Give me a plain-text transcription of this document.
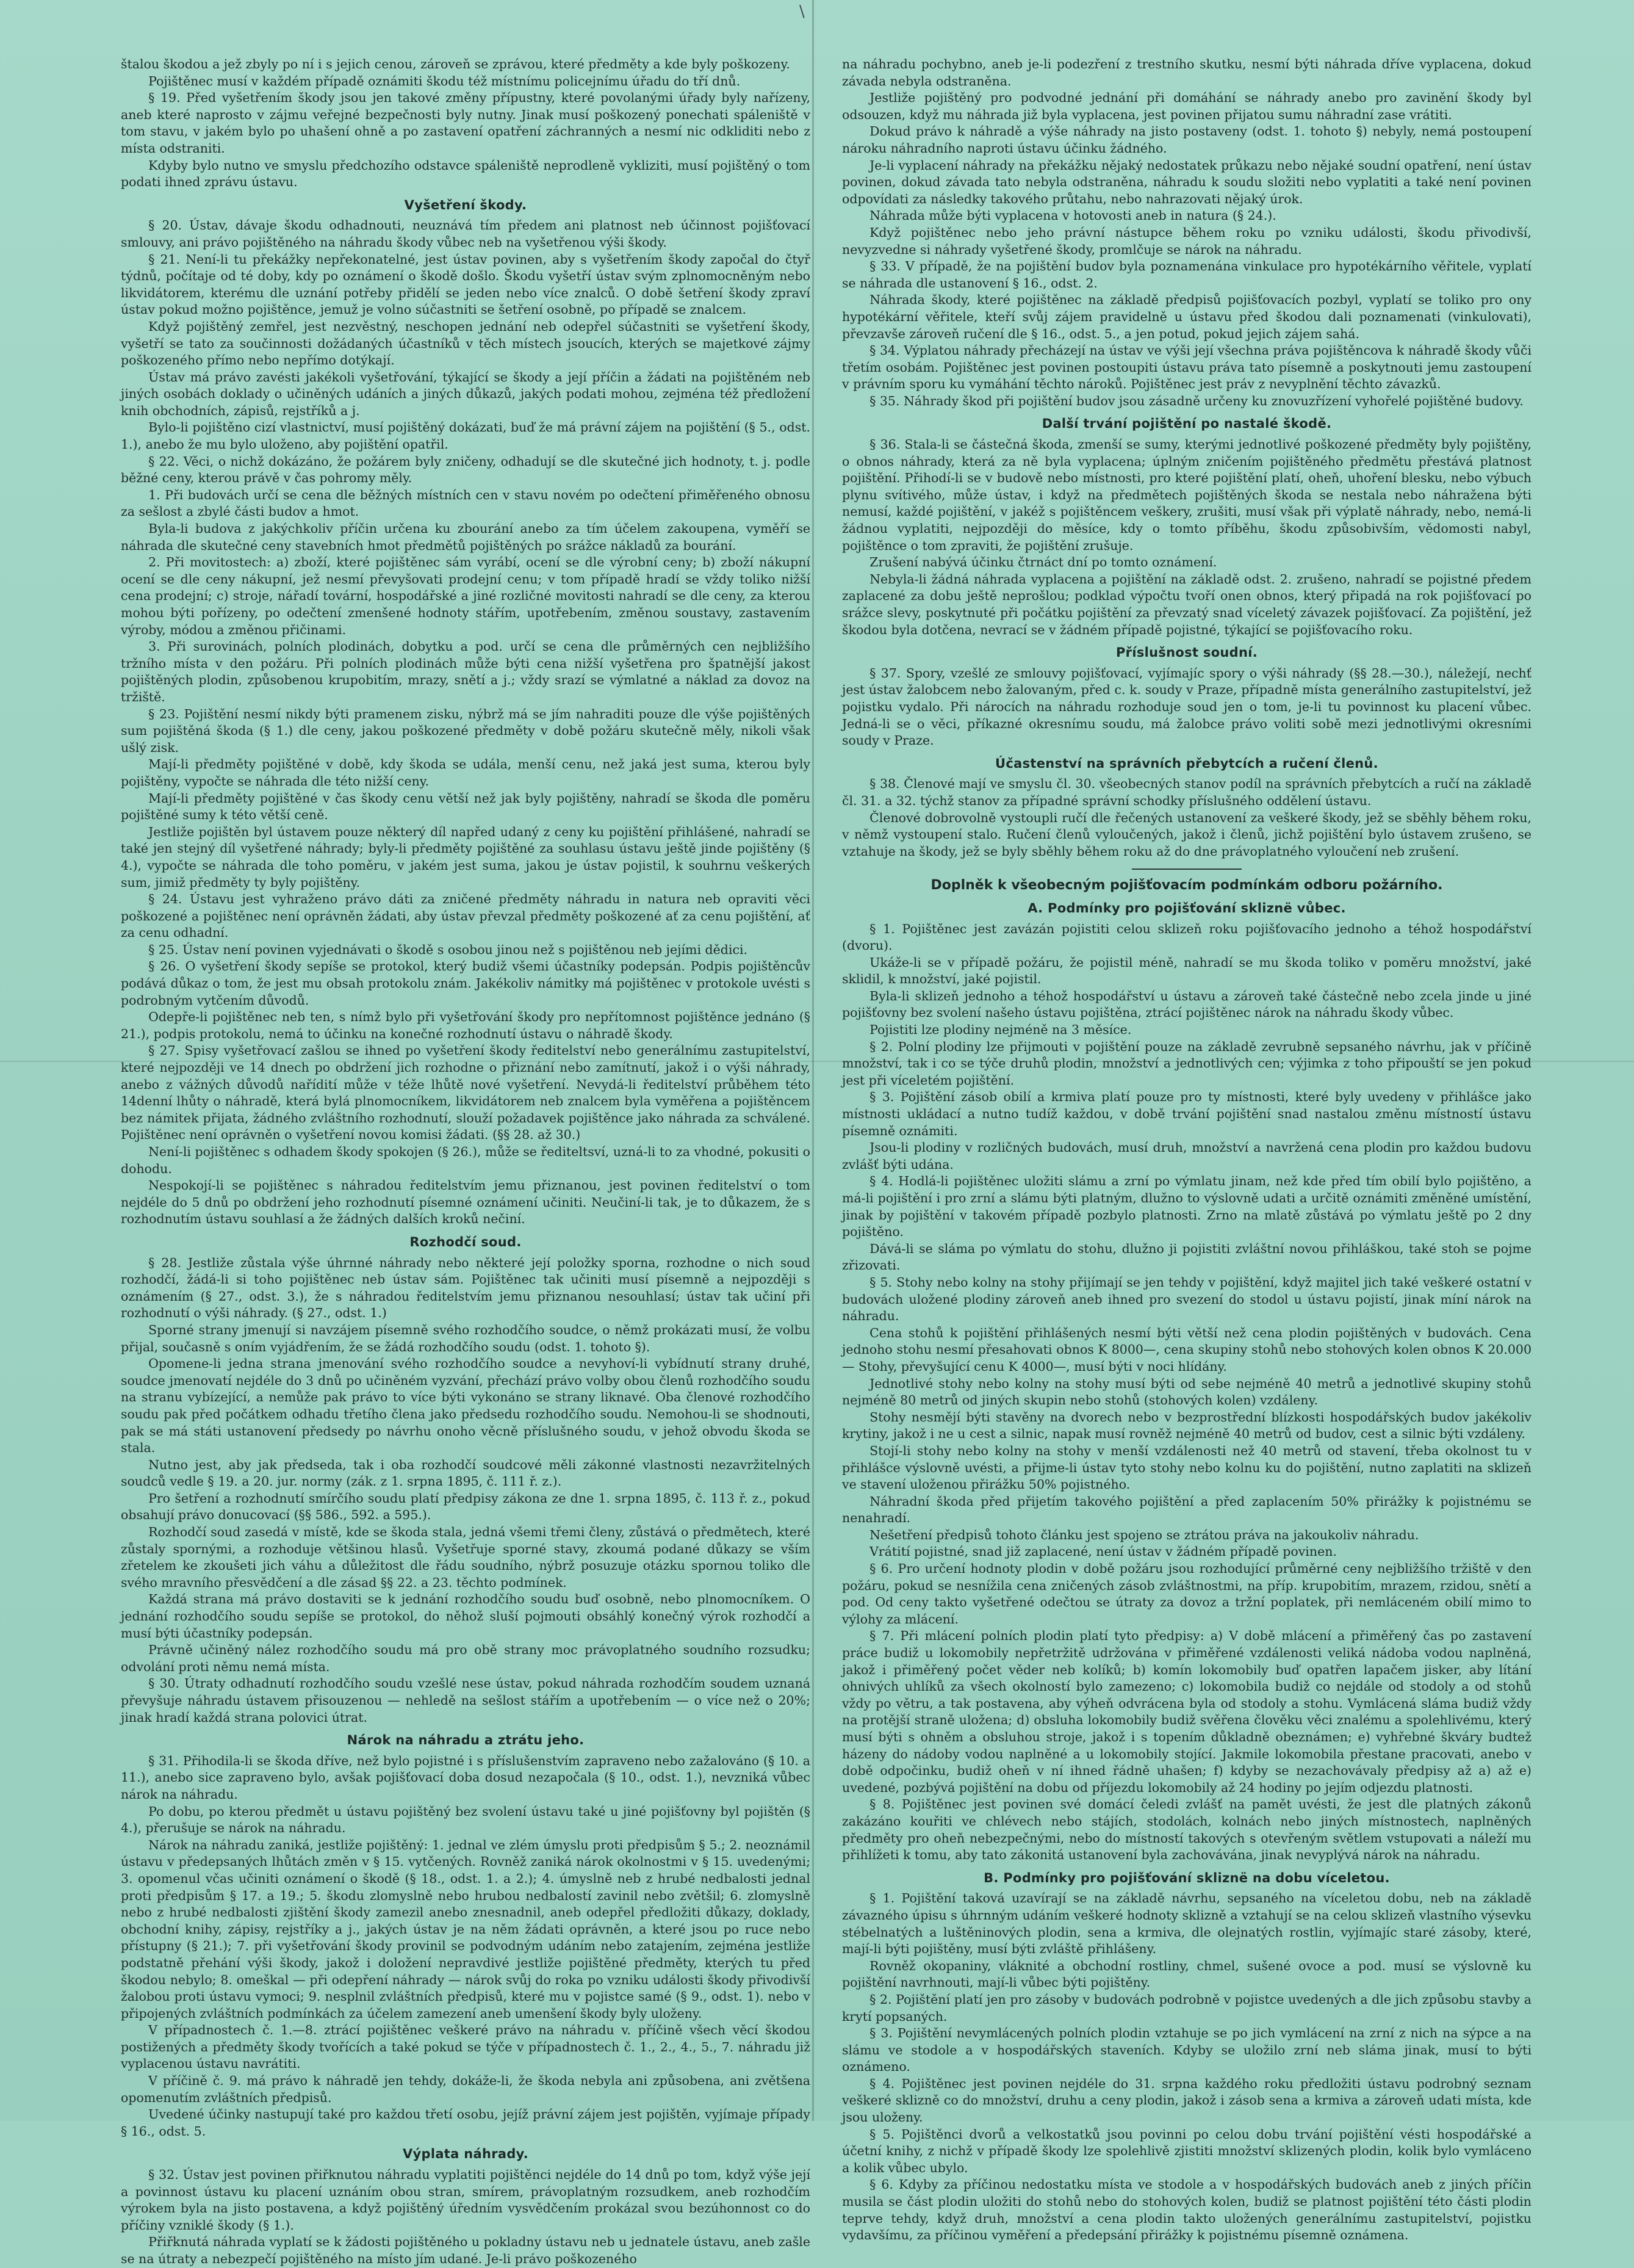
\

štalou škodou a jež zbyly po ní i s jejich cenou, zároveň se zprávou, které předměty a kde byly poškozeny.

Pojištěnec musí v každém případě oznámiti škodu též místnímu policejnímu úřadu do tří dnů.

§ 19. Před vyšetřením škody jsou jen takové změny přípustny, které povolanými úřady byly nařízeny, aneb které naprosto v zájmu veřejné bezpečnosti byly nutny. Jinak musí poškozený ponechati spáleniště v tom stavu, v jakém bylo po uhašení ohně a po zastavení opatření záchranných a nesmí nic odkliditi nebo z místa odstraniti.

Kdyby bylo nutno ve smyslu předchozího odstavce spáleniště neprodleně vykliziti, musí pojištěný o tom podati ihned zprávu ústavu.

Vyšetření škody.

§ 20. Ústav, dávaje škodu odhadnouti, neuznává tím předem ani platnost neb účinnost pojišťovací smlouvy, ani právo pojištěného na náhradu škody vůbec neb na vyšetřenou výši škody.

§ 21. Není-li tu překážky nepřekonatelné, jest ústav povinen, aby s vyšetřením škody započal do čtyř týdnů, počítaje od té doby, kdy po oznámení o škodě došlo. Škodu vyšetří ústav svým zplnomocněným nebo likvidátorem, kterému dle uznání potřeby přidělí se jeden nebo více znalců. O době šetření škody zpraví ústav pokud možno pojištěnce, jemuž je volno súčastniti se šetření osobně, po případě se znalcem.

Když pojištěný zemřel, jest nezvěstný, neschopen jednání neb odepřel súčastniti se vyšetření škody, vyšetří se tato za součinnosti dožádaných účastníků v těch místech jsoucích, kterých se majetkové zájmy poškozeného přímo nebo nepřímo dotýkají.

Ústav má právo zavésti jakékoli vyšetřování, týkající se škody a její příčin a žádati na pojištěném neb jiných osobách doklady o učiněných udáních a jiných důkazů, jakých podati mohou, zejména též předložení knih obchodních, zápisů, rejstříků a j.

Bylo-li pojištěno cizí vlastnictví, musí pojištěný dokázati, buď že má právní zájem na pojištění (§ 5., odst. 1.), anebo že mu bylo uloženo, aby pojištění opatřil.

§ 22. Věci, o nichž dokázáno, že požárem byly zničeny, odhadují se dle skutečné jich hodnoty, t. j. podle běžné ceny, kterou právě v čas pohromy měly.

1. Při budovách určí se cena dle běžných místních cen v stavu novém po odečtení přiměřeného obnosu za sešlost a zbylé části budov a hmot.

Byla-li budova z jakýchkoliv příčin určena ku zbourání anebo za tím účelem zakoupena, vyměří se náhrada dle skutečné ceny stavebních hmot předmětů pojištěných po srážce nákladů za bourání.

2. Při movitostech: a) zboží, které pojištěnec sám vyrábí, ocení se dle výrobní ceny; b) zboží nákupní ocení se dle ceny nákupní, jež nesmí převyšovati prodejní cenu; v tom případě hradí se vždy toliko nižší cena prodejní; c) stroje, nářadí tovární, hospodářské a jiné rozličné movitosti nahradí se dle ceny, za kterou mohou býti pořízeny, po odečtení zmenšené hodnoty stářím, upotřebením, změnou soustavy, zastavením výroby, módou a změnou přičinami.

3. Při surovinách, polních plodinách, dobytku a pod. určí se cena dle průměrných cen nejbližšího tržního místa v den požáru. Při polních plodinách může býti cena nižší vyšetřena pro špatnější jakost pojištěných plodin, způsobenou krupobitím, mrazy, snětí a j.; vždy srazí se výmlatné a náklad za dovoz na tržiště.

§ 23. Pojištění nesmí nikdy býti pramenem zisku, nýbrž má se jím nahraditi pouze dle výše pojištěných sum pojištěná škoda (§ 1.) dle ceny, jakou poškozené předměty v době požáru skutečně měly, nikoli však ušlý zisk.

Mají-li předměty pojištěné v době, kdy škoda se udála, menší cenu, než jaká jest suma, kterou byly pojištěny, vypočte se náhrada dle této nižší ceny.

Mají-li předměty pojištěné v čas škody cenu větší než jak byly pojištěny, nahradí se škoda dle poměru pojištěné sumy k této větší ceně.

Jestliže pojištěn byl ústavem pouze některý díl napřed udaný z ceny ku pojištění přihlášené, nahradí se také jen stejný díl vyšetřené náhrady; byly-li předměty pojištěné za souhlasu ústavu ještě jinde pojištěny (§ 4.), vypočte se náhrada dle toho poměru, v jakém jest suma, jakou je ústav pojistil, k souhrnu veškerých sum, jimiž předměty ty byly pojištěny.

§ 24. Ústavu jest vyhraženo právo dáti za zničené předměty náhradu in natura neb opraviti věci poškozené a pojištěnec není oprávněn žádati, aby ústav převzal předměty poškozené ať za cenu pojištění, ať za cenu odhadní.

§ 25. Ústav není povinen vyjednávati o škodě s osobou jinou než s pojištěnou neb jejími dědici.

§ 26. O vyšetření škody sepíše se protokol, který budiž všemi účastníky podepsán. Podpis pojištěncův podává důkaz o tom, že jest mu obsah protokolu znám. Jakékoliv námitky má pojištěnec v protokole uvésti s podrobným vytčením důvodů.

Odepře-li pojištěnec neb ten, s nímž bylo při vyšetřování škody pro nepřítomnost pojištěnce jednáno (§ 21.), podpis protokolu, nemá to účinku na konečné rozhodnutí ústavu o náhradě škody.

§ 27. Spisy vyšetřovací zašlou se ihned po vyšetření škody ředitelství nebo generálnímu zastupitelství, které nejpozději ve 14 dnech po obdržení jich rozhodne o přiznání nebo zamítnutí, jakož i o výši náhrady, anebo z vážných důvodů nařídití může v téže lhůtě nové vyšetření. Nevydá-li ředitelství průběhem této 14denní lhůty o náhradě, která bylá plnomocníkem, likvidátorem neb znalcem byla vyměřena a pojištěncem bez námitek přijata, žádného zvláštního rozhodnutí, slouží požadavek pojištěnce jako náhrada za schválené. Pojištěnec není oprávněn o vyšetření novou komisi žádati. (§§ 28. až 30.)

Není-li pojištěnec s odhadem škody spokojen (§ 26.), může se řediteltsví, uzná-li to za vhodné, pokusiti o dohodu.

Nespokojí-li se pojištěnec s náhradou ředitelstvím jemu přiznanou, jest povinen ředitelství o tom nejdéle do 5 dnů po obdržení jeho rozhodnutí písemné oznámení učiniti. Neučiní-li tak, je to důkazem, že s rozhodnutím ústavu souhlasí a že žádných dalších kroků nečiní.

Rozhodčí soud.

§ 28. Jestliže zůstala výše úhrnné náhrady nebo některé její položky sporna, rozhodne o nich soud rozhodčí, žádá-li si toho pojištěnec neb ústav sám. Pojištěnec tak učiniti musí písemně a nejpozději s oznámením (§ 27., odst. 3.), že s náhradou ředitelstvím jemu přiznanou nesouhlasí; ústav tak učiní při rozhodnutí o výši náhrady. (§ 27., odst. 1.)

Sporné strany jmenují si navzájem písemně svého rozhodčího soudce, o němž prokázati musí, že volbu přijal, současně s oním vyjádřením, že se žádá rozhodčího soudu (odst. 1. tohoto §).

Opomene-li jedna strana jmenování svého rozhodčího soudce a nevyhoví-li vybídnutí strany druhé, soudce jmenovatí nejdéle do 3 dnů po učiněném vyzvání, přechází právo volby obou členů rozhodčího soudu na stranu vybízející, a nemůže pak právo to více býti vykonáno se strany liknavé. Oba členové rozhodčího soudu pak před počátkem odhadu třetího člena jako předsedu rozhodčího soudu. Nemohou-li se shodnouti, pak se má státi ustanovení předsedy po návrhu onoho věcně příslušného soudu, v jehož obvodu škoda se stala.

Nutno jest, aby jak předseda, tak i oba rozhodčí soudcové měli zákonné vlastnosti nezavržitelných soudců vedle § 19. a 20. jur. normy (zák. z 1. srpna 1895, č. 111 ř. z.).

Pro šetření a rozhodnutí smírčího soudu platí předpisy zákona ze dne 1. srpna 1895, č. 113 ř. z., pokud obsahují právo donucovací (§§ 586., 592. a 595.).

Rozhodčí soud zasedá v místě, kde se škoda stala, jedná všemi třemi členy, zůstává o předmětech, které zůstaly spornými, a rozhoduje většinou hlasů. Vyšetřuje sporné stavy, zkoumá podané důkazy se vším zřetelem ke zkoušeti jich váhu a důležitost dle řádu soudního, nýbrž posuzuje otázku spornou toliko dle svého mravního přesvědčení a dle zásad §§ 22. a 23. těchto podmínek.

Každá strana má právo dostaviti se k jednání rozhodčího soudu buď osobně, nebo plnomocníkem. O jednání rozhodčího soudu sepíše se protokol, do něhož sluší pojmouti obsáhlý konečný výrok rozhodčí a musí býti účastníky podepsán.

Právně učiněný nález rozhodčího soudu má pro obě strany moc právoplatného soudního rozsudku; odvolání proti němu nemá místa.

§ 30. Útraty odhadnutí rozhodčího soudu vzešlé nese ústav, pokud náhrada rozhodčím soudem uznaná převyšuje náhradu ústavem přisouzenou — nehledě na sešlost stářím a upotřebením — o více než o 20%; jinak hradí každá strana polovici útrat.

Nárok na náhradu a ztrátu jeho.

§ 31. Přihodila-li se škoda dříve, než bylo pojistné i s příslušenstvím zapraveno nebo zažalováno (§ 10. a 11.), anebo sice zapraveno bylo, avšak pojišťovací doba dosud nezapočala (§ 10., odst. 1.), nevzniká vůbec nárok na náhradu.

Po dobu, po kterou předmět u ústavu pojištěný bez svolení ústavu také u jiné pojišťovny byl pojištěn (§ 4.), přerušuje se nárok na náhradu.

Nárok na náhradu zaniká, jestliže pojištěný: 1. jednal ve zlém úmyslu proti předpisům § 5.; 2. neoznámil ústavu v předepsaných lhůtách změn v § 15. vytčených. Rovněž zaniká nárok okolnostmi v § 15. uvedenými; 3. opomenul včas učiniti oznámení o škodě (§ 18., odst. 1. a 2.); 4. úmyslně neb z hrubé nedbalosti jednal proti předpisům § 17. a 19.; 5. škodu zlomyslně nebo hrubou nedbalostí zavinil nebo zvětšil; 6. zlomyslně nebo z hrubé nedbalosti zjištění škody zamezil anebo znesnadnil, aneb odepřel předložiti důkazy, doklady, obchodní knihy, zápisy, rejstříky a j., jakých ústav je na něm žádati oprávněn, a které jsou po ruce nebo přístupny (§ 21.); 7. při vyšetřování škody provinil se podvodným udáním nebo zatajením, zejména jestliže podstatně přehání výši škody, jakož i doložení nepravdivé jestliže pojištěné předměty, kterých tu před škodou nebylo; 8. omeškal — při odepření náhrady — nárok svůj do roka po vzniku události škody přivodivší žalobou proti ústavu vymoci; 9. nesplnil zvláštních předpisů, které mu v pojistce samé (§ 9., odst. 1). nebo v připojených zvláštních podmínkách za účelem zamezení aneb umenšení škody byly uloženy.

V případnostech č. 1.—8. ztrácí pojištěnec veškeré právo na náhradu v. příčině všech věcí škodou postižených a předměty škody tvořících a také pokud se týče v případnostech č. 1., 2., 4., 5., 7. náhradu již vyplacenou ústavu navrátiti.

V příčině č. 9. má právo k náhradě jen tehdy, dokáže-li, že škoda nebyla ani způsobena, ani zvětšena opomenutím zvláštních předpisů.

Uvedené účinky nastupují také pro každou třetí osobu, jejíž právní zájem jest pojištěn, vyjímaje případy § 16., odst. 5.

Výplata náhrady.

§ 32. Ústav jest povinen přiřknutou náhradu vyplatiti pojištěnci nejdéle do 14 dnů po tom, když výše její a povinnost ústavu ku placení uznáním obou stran, smírem, právoplatným rozsudkem, aneb rozhodčím výrokem byla na jisto postavena, a když pojištěný úředním vysvědčením prokázal svou bezúhonnost co do příčiny vzniklé škody (§ 1.).

Přiřknutá náhrada vyplatí se k žádosti pojištěného u pokladny ústavu neb u jednatele ústavu, aneb zašle se na útraty a nebezpečí pojištěného na místo jím udané. Je-li právo poškozeného

na náhradu pochybno, aneb je-li podezření z trestního skutku, nesmí býti náhrada dříve vyplacena, dokud závada nebyla odstraněna.

Jestliže pojištěný pro podvodné jednání při domáhání se náhrady anebo pro zavinění škody byl odsouzen, když mu náhrada již byla vyplacena, jest povinen přijatou sumu náhradní zase vrátiti.

Dokud právo k náhradě a výše náhrady na jisto postaveny (odst. 1. tohoto §) nebyly, nemá postoupení nároku náhradního naproti ústavu účinku žádného.

Je-li vyplacení náhrady na překážku nějaký nedostatek průkazu nebo nějaké soudní opatření, není ústav povinen, dokud závada tato nebyla odstraněna, náhradu k soudu složiti nebo vyplatiti a také není povinen odpovídati za následky takového průtahu, nebo nahrazovati nějaký úrok.

Náhrada může býti vyplacena v hotovosti aneb in natura (§ 24.).

Když pojištěnec nebo jeho právní nástupce během roku po vzniku události, škodu přivodivší, nevyzvedne si náhrady vyšetřené škody, promlčuje se nárok na náhradu.

§ 33. V případě, že na pojištění budov byla poznamenána vinkulace pro hypotékárního věřitele, vyplatí se náhrada dle ustanovení § 16., odst. 2.

Náhrada škody, které pojištěnec na základě předpisů pojišťovacích pozbyl, vyplatí se toliko pro ony hypotékární věřitele, kteří svůj zájem pravidelně u ústavu před škodou dali poznamenati (vinkulovati), převzavše zároveň ručení dle § 16., odst. 5., a jen potud, pokud jejich zájem sahá.

§ 34. Výplatou náhrady přecházejí na ústav ve výši její všechna práva pojištěncova k náhradě škody vůči třetím osobám. Pojištěnec jest povinen postoupiti ústavu práva tato písemně a poskytnouti jemu zastoupení v právním sporu ku vymáhání těchto nároků. Pojištěnec jest práv z nevyplnění těchto závazků.

§ 35. Náhrady škod při pojištění budov jsou zásadně určeny ku znovuzřízení vyhořelé pojištěné budovy.

Další trvání pojištění po nastalé škodě.

§ 36. Stala-li se částečná škoda, zmenší se sumy, kterými jednotlivé poškozené předměty byly pojištěny, o obnos náhrady, která za ně byla vyplacena; úplným zničením pojištěného předmětu přestává platnost pojištění. Přihodí-li se v budově nebo místnosti, pro které pojištění platí, oheň, uhoření blesku, nebo výbuch plynu svítivého, může ústav, i když na předmětech pojištěných škoda se nestala nebo náhražena býti nemusí, každé pojištění, v jakéž s pojištěncem veškery, zrušiti, musí však při výplatě náhrady, nebo, nemá-li žádnou vyplatiti, nejpozději do měsíce, kdy o tomto příběhu, škodu způsobivším, vědomosti nabyl, pojištěnce o tom zpraviti, že pojištění zrušuje.

Zrušení nabývá účinku čtrnáct dní po tomto oznámení.

Nebyla-li žádná náhrada vyplacena a pojištění na základě odst. 2. zrušeno, nahradí se pojistné předem zaplacené za dobu ještě neprošlou; podklad výpočtu tvoří onen obnos, který připadá na rok pojišťovací po srážce slevy, poskytnuté při počátku pojištění za převzatý snad víceletý závazek pojišťovací. Za pojištění, jež škodou byla dotčena, nevrací se v žádném případě pojistné, týkající se pojišťovacího roku.

Příslušnost soudní.

§ 37. Spory, vzešlé ze smlouvy pojišťovací, vyjímajíc spory o výši náhrady (§§ 28.—30.), náležejí, nechť jest ústav žalobcem nebo žalovaným, před c. k. soudy v Praze, případně místa generálního zastupitelství, jež pojistku vydalo. Při nárocích na náhradu rozhoduje soud jen o tom, je-li tu povinnost ku placení vůbec. Jedná-li se o věci, příkazné okresnímu soudu, má žalobce právo voliti sobě mezi jednotlivými okresními soudy v Praze.

Účastenství na správních přebytcích a ručení členů.

§ 38. Členové mají ve smyslu čl. 30. všeobecných stanov podíl na správních přebytcích a ručí na základě čl. 31. a 32. týchž stanov za případné správní schodky příslušného oddělení ústavu.

Členové dobrovolně vystoupli ručí dle řečených ustanovení za veškeré škody, jež se sběhly během roku, v němž vystoupení stalo. Ručení členů vyloučených, jakož i členů, jichž pojištění bylo ústavem zrušeno, se vztahuje na škody, jež se byly sběhly během roku až do dne právoplatného vyloučení neb zrušení.

Doplněk k všeobecným pojišťovacím podmínkám odboru požárního.
A. Podmínky pro pojišťování skliznë vůbec.

§ 1. Pojištěnec jest zavázán pojistiti celou sklizeň roku pojišťovacího jednoho a téhož hospodářství (dvoru).

Ukáže-li se v případě požáru, že pojistil méně, nahradí se mu škoda toliko v poměru množství, jaké sklidil, k množství, jaké pojistil.

Byla-li sklizeň jednoho a téhož hospodářství u ústavu a zároveň také částečně nebo zcela jinde u jiné pojišťovny bez svolení našeho ústavu pojištěna, ztrácí pojištěnec nárok na náhradu škody vůbec.

Pojistiti lze plodiny nejméně na 3 měsíce.

§ 2. Polní plodiny lze přijmouti v pojištění pouze na základě zevrubně sepsaného návrhu, jak v příčině množství, tak i co se týče druhů plodin, množství a jednotlivých cen; výjimka z toho připouští se jen pokud jest při víceletém pojištění.

§ 3. Pojištění zásob obilí a krmiva platí pouze pro ty místnosti, které byly uvedeny v přihlášce jako místnosti ukládací a nutno tudíž každou, v době trvání pojištění snad nastalou změnu místností ústavu písemně oznámiti.

Jsou-li plodiny v rozličných budovách, musí druh, množství a navržená cena plodin pro každou budovu zvlášť býti udána.

§ 4. Hodlá-li pojištěnec uložiti slámu a zrní po výmlatu jinam, než kde před tím obilí bylo pojištěno, a má-li pojištění i pro zrní a slámu býti platným, dlužno to výslovně udati a určitě oznámiti změněné umístění, jinak by pojištění v takovém případě pozbylo platnosti. Zrno na mlatě zůstává po výmlatu ještě po 2 dny pojištěno.

Dává-li se sláma po výmlatu do stohu, dlužno ji pojistiti zvláštní novou přihláškou, také stoh se pojme zřizovati.

§ 5. Stohy nebo kolny na stohy přijímají se jen tehdy v pojištění, když majitel jich také veškeré ostatní v budovách uložené plodiny zároveň aneb ihned pro svezení do stodol u ústavu pojistí, jinak míní nárok na náhradu.

Cena stohů k pojištění přihlášených nesmí býti větší než cena plodin pojištěných v budovách. Cena jednoho stohu nesmí přesahovati obnos K 8000—, cena skupiny stohů nebo stohových kolen obnos K 20.000— Stohy, převyšující cenu K 4000—, musí býti v noci hlídány.

Jednotlivé stohy nebo kolny na stohy musí býti od sebe nejméně 40 metrů a jednotlivé skupiny stohů nejméně 80 metrů od jiných skupin nebo stohů (stohových kolen) vzdáleny.

Stohy nesmějí býti stavěny na dvorech nebo v bezprostřední blízkosti hospodářských budov jakékoliv krytiny, jakož i ne u cest a silnic, napak musí rovněž nejméně 40 metrů od budov, cest a silnic býti vzdáleny.

Stojí-li stohy nebo kolny na stohy v menší vzdálenosti než 40 metrů od stavení, třeba okolnost tu v přihlášce výslovně uvésti, a přijme-li ústav tyto stohy nebo kolnu ku do pojištění, nutno zaplatiti na sklizeň ve stavení uloženou přirážku 50% pojistného.

Náhradní škoda před přijetím takového pojištění a před zaplacením 50% přirážky k pojistnému se nenahradí.

Nešetření předpisů tohoto článku jest spojeno se ztrátou práva na jakoukoliv náhradu.

Vrátití pojistné, snad již zaplacené, není ústav v žádném případě povinen.

§ 6. Pro určení hodnoty plodin v době požáru jsou rozhodující průměrné ceny nejbližšího tržiště v den požáru, pokud se nesnížila cena zničených zásob zvláštnostmi, na příp. krupobitím, mrazem, rzidou, snětí a pod. Od ceny takto vyšetřené odečtou se útraty za dovoz a tržní poplatek, při nemláceném obilí mimo to výlohy za mlácení.

§ 7. Při mlácení polních plodin platí tyto předpisy: a) V době mlácení a přiměřený čas po zastavení práce budiž u lokomobily nepřetržitě udržována v přiměřené vzdálenosti veliká nádoba vodou naplněná, jakož i přiměřený počet věder neb kolíků; b) komín lokomobily buď opatřen lapačem jisker, aby lítání ohnivých uhlíků za všech okolností bylo zamezeno; c) lokomobila budiž co nejdále od stodoly a od stohů vždy po větru, a tak postavena, aby výheň odvrácena byla od stodoly a stohu. Vymlácená sláma budiž vždy na protější straně uložena; d) obsluha lokomobily budiž svěřena člověku věci znalému a spolehlivému, který musí býti s ohněm a obsluhou stroje, jakož i s topením důkladně obeznámen; e) vyhřebné škváry budtež házeny do nádoby vodou naplněné a u lokomobily stojící. Jakmile lokomobila přestane pracovati, anebo v době odpočinku, budiž oheň v ní ihned řádně uhašen; f) kdyby se nezachovávaly předpisy až a) až e) uvedené, pozbývá pojištění na dobu od příjezdu lokomobily až 24 hodiny po jejím odjezdu platnosti.

§ 8. Pojištěnec jest povinen své domácí čeledi zvlášť na pamět uvésti, že jest dle platných zákonů zakázáno kouřiti ve chlévech nebo stájích, stodolách, kolnách nebo jiných místnostech, naplněných předměty pro oheň nebezpečnými, nebo do místností takových s otevřeným světlem vstupovati a náleží mu přihlížeti k tomu, aby tato zákonitá ustanovení byla zachovávána, jinak nevyplývá nárok na náhradu.

B. Podmínky pro pojišťování skliznë na dobu víceletou.

§ 1. Pojištění taková uzavírají se na základě návrhu, sepsaného na víceletou dobu, neb na základě závazného úpisu s úhrnným udáním veškeré hodnoty sklizně a vztahují se na celou sklizeň vlastního výsevku stébelnatých a luštěninových plodin, sena a krmiva, dle olejnatých rostlin, vyjímajíc staré zásoby, které, mají-li býti pojištěny, musí býti zvláště přihlášeny.

Rovněž okopaniny, vláknité a obchodní rostliny, chmel, sušené ovoce a pod. musí se výslovně ku pojištění navrhnouti, mají-li vůbec býti pojištěny.

§ 2. Pojištění platí jen pro zásoby v budovách podrobně v pojistce uvedených a dle jich způsobu stavby a krytí popsaných.

§ 3. Pojištění nevymlácených polních plodin vztahuje se po jich vymlácení na zrní z nich na sýpce a na slámu ve stodole a v hospodářských staveních. Kdyby se uložilo zrní neb sláma jinak, musí to býti oznámeno.

§ 4. Pojištěnec jest povinen nejdéle do 31. srpna každého roku předložiti ústavu podrobný seznam veškeré sklizně co do množství, druhu a ceny plodin, jakož i zásob sena a krmiva a zároveň udati místa, kde jsou uloženy.

§ 5. Pojištěnci dvorů a velkostatků jsou povinni po celou dobu trvání pojištění vésti hospodářské a účetní knihy, z nichž v případě škody lze spolehlivě zjistiti množství sklizených plodin, kolik bylo vymláceno a kolik vůbec ubylo.

§ 6. Kdyby za příčinou nedostatku místa ve stodole a v hospodářských budovách aneb z jiných příčin musila se část plodin uložiti do stohů nebo do stohových kolen, budiž se platnost pojištění této části plodin teprve tehdy, když druh, množství a cena plodin takto uložených generálnímu zastupitelství, pojistku vydavšímu, za příčinou vyměření a předepsání přirážky k pojistnému písemně oznámena.
